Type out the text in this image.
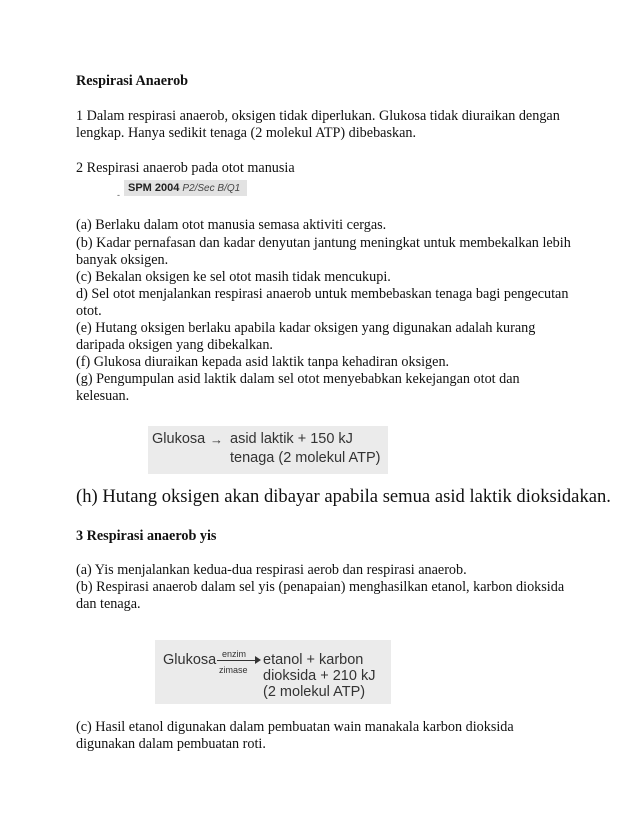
Respirasi Anaerob

1 Dalam respirasi anaerob, oksigen tidak diperlukan. Glukosa tidak diuraikan dengan lengkap. Hanya sedikit tenaga (2 molekul ATP) dibebaskan.

2 Respirasi anaerob pada otot manusia

SPM 2004 P2/Sec B/Q1
-

(a) Berlaku dalam otot manusia semasa aktiviti cergas.

(b) Kadar pernafasan dan kadar denyutan jantung meningkat untuk membekalkan lebih banyak oksigen.

(c) Bekalan oksigen ke sel otot masih tidak mencukupi.

d) Sel otot menjalankan respirasi anaerob untuk membebaskan tenaga bagi pengecutan otot.

(e) Hutang oksigen berlaku apabila kadar oksigen yang digunakan adalah kurang daripada oksigen yang dibekalkan.

(f) Glukosa diuraikan kepada asid laktik tanpa kehadiran oksigen.

(g) Pengumpulan asid laktik dalam sel otot menyebabkan kekejangan otot dan kelesuan.

Glukosa → asid laktik + 150 kJ
tenaga (2 molekul ATP)

(h) Hutang oksigen akan dibayar apabila semua asid laktik dioksidakan.

3 Respirasi anaerob yis

(a) Yis menjalankan kedua-dua respirasi aerob dan respirasi anaerob.

(b) Respirasi anaerob dalam sel yis (penapaian) menghasilkan etanol, karbon dioksida dan tenaga.

Glukosa enzim
zimase
etanol + karbon
dioksida + 210 kJ
(2 molekul ATP)

(c) Hasil etanol digunakan dalam pembuatan wain manakala karbon dioksida digunakan dalam pembuatan roti.
